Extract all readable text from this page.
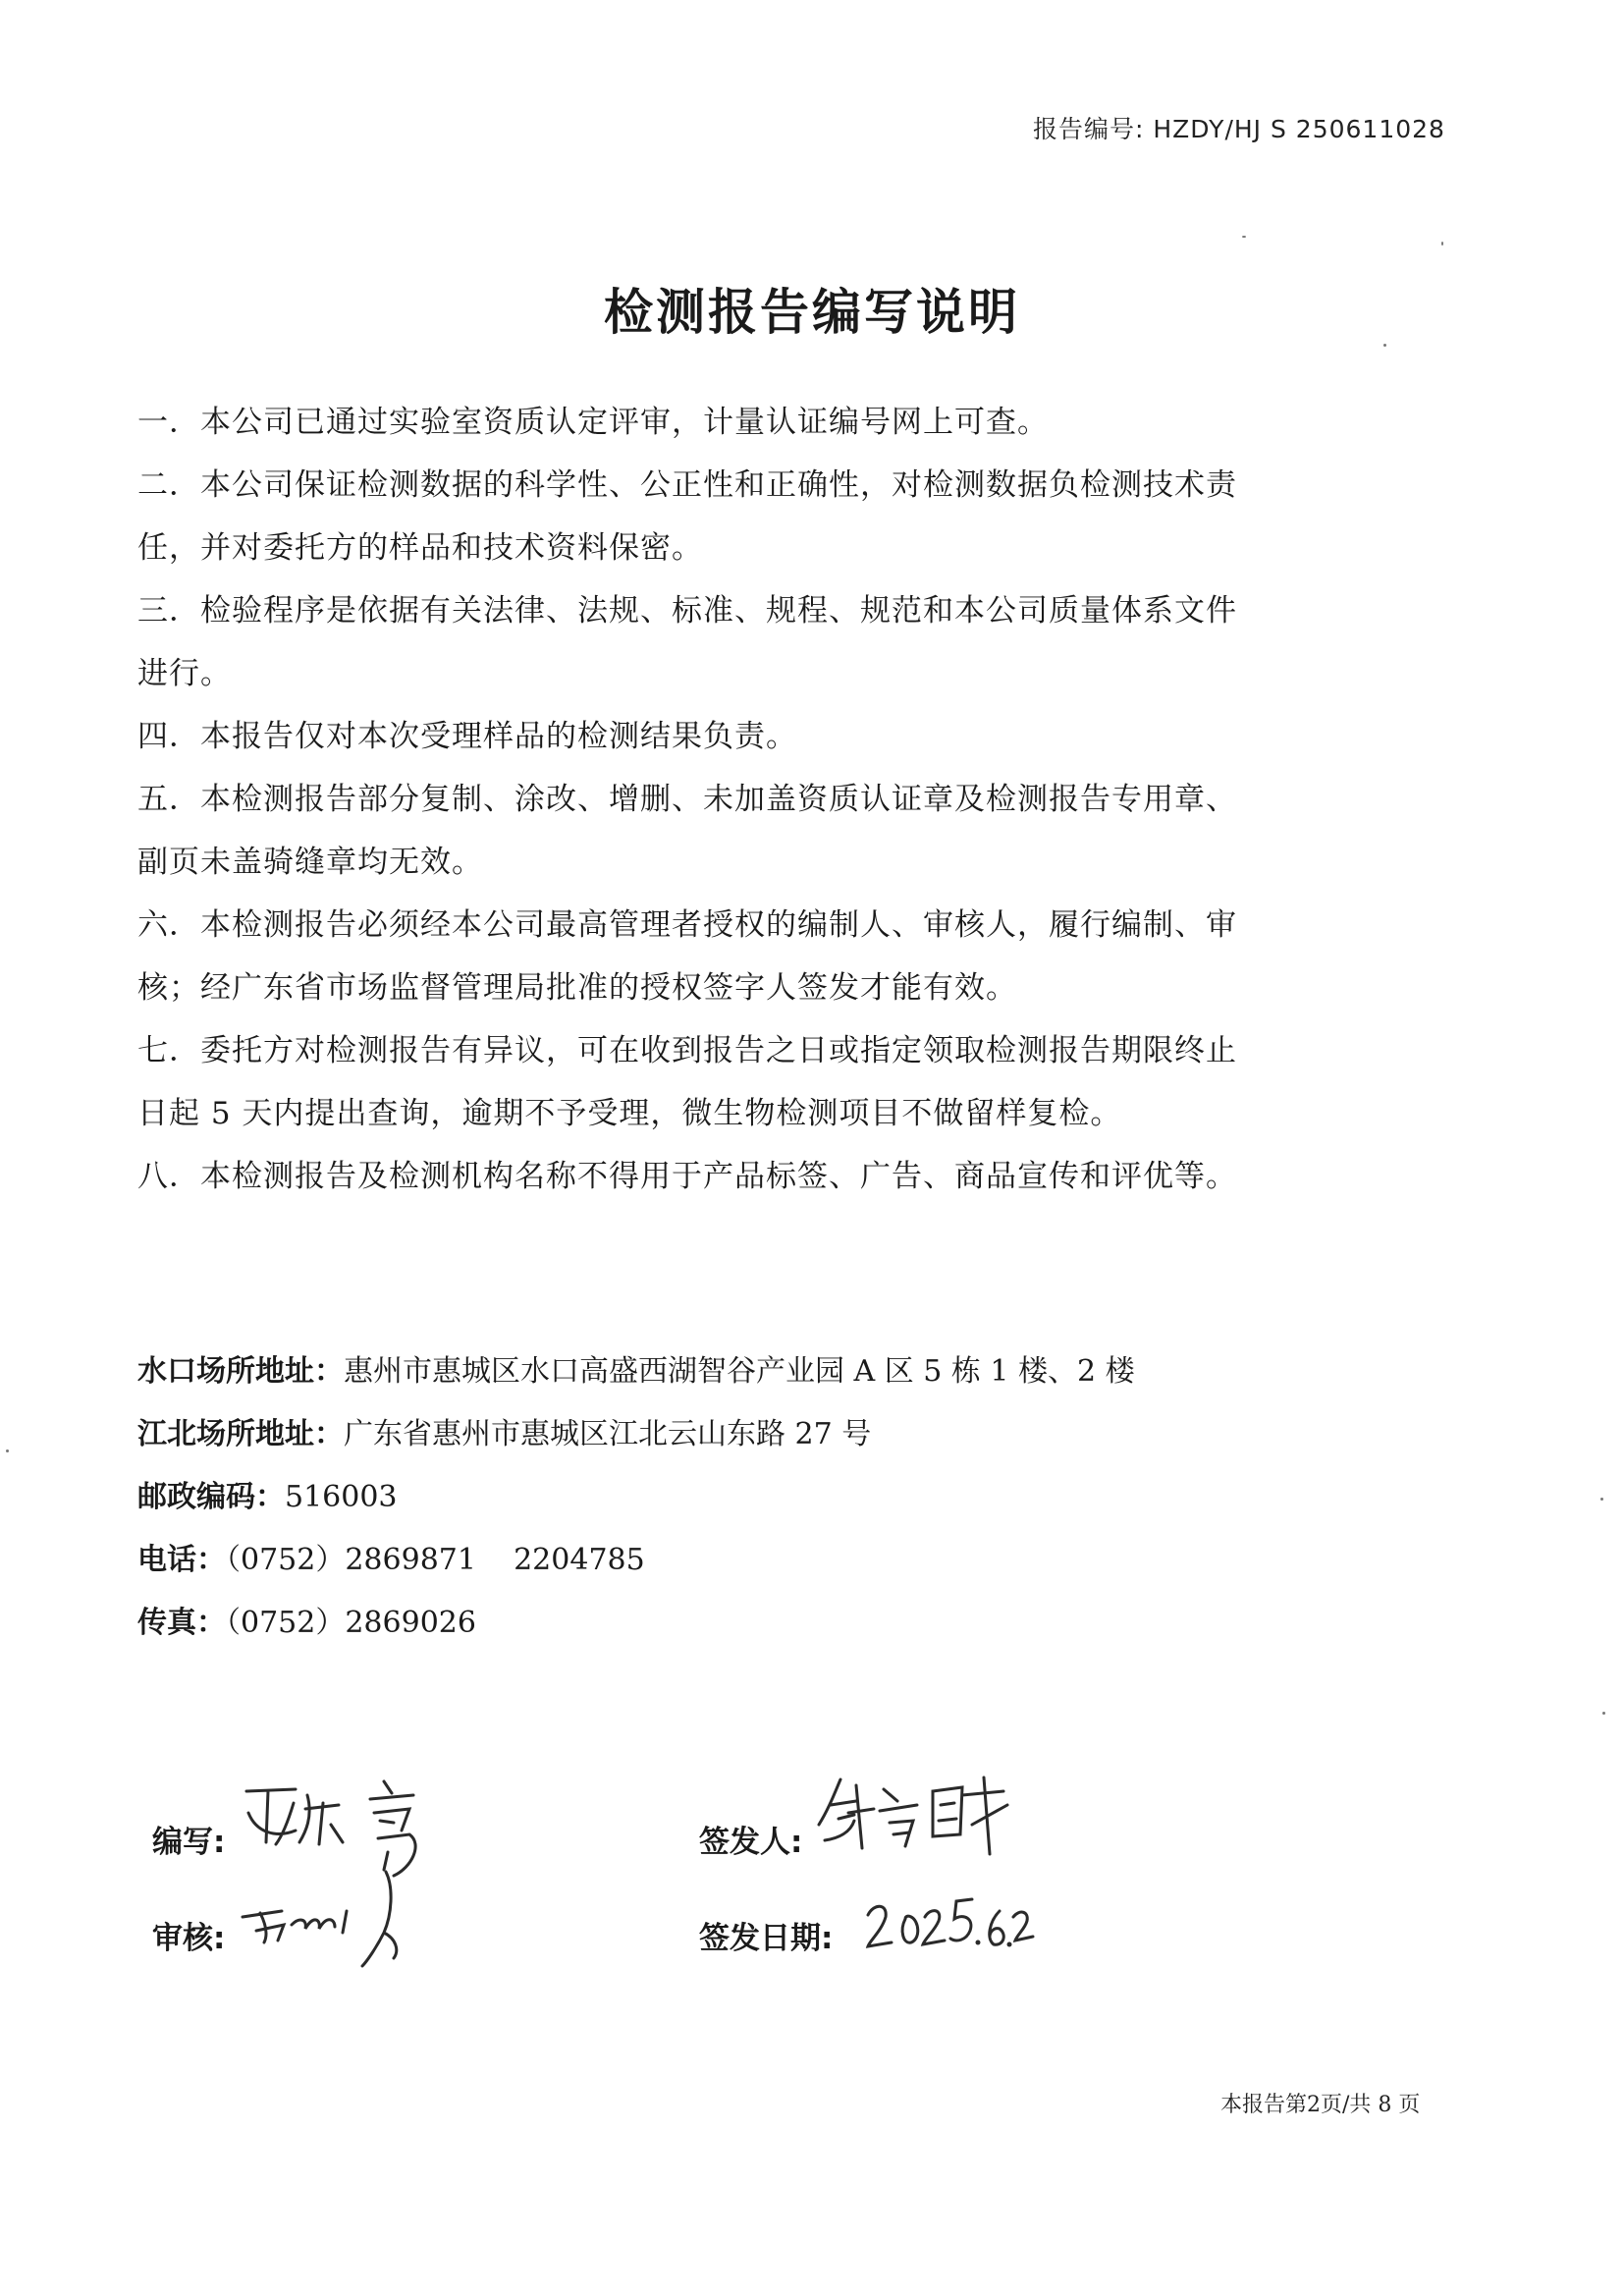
报告编号: HZDY/HJ S 250611028
检测报告编写说明

一．本公司已通过实验室资质认定评审，计量认证编号网上可查。

二．本公司保证检测数据的科学性、公正性和正确性，对检测数据负检测技术责任，并对委托方的样品和技术资料保密。

三．检验程序是依据有关法律、法规、标准、规程、规范和本公司质量体系文件进行。

四．本报告仅对本次受理样品的检测结果负责。

五．本检测报告部分复制、涂改、增删、未加盖资质认证章及检测报告专用章、副页未盖骑缝章均无效。

六．本检测报告必须经本公司最高管理者授权的编制人、审核人，履行编制、审核；经广东省市场监督管理局批准的授权签字人签发才能有效。

七．委托方对检测报告有异议，可在收到报告之日或指定领取检测报告期限终止日起 5 天内提出查询，逾期不予受理，微生物检测项目不做留样复检。

八．本检测报告及检测机构名称不得用于产品标签、广告、商品宣传和评优等。

水口场所地址：惠州市惠城区水口高盛西湖智谷产业园 A 区 5 栋 1 楼、2 楼

江北场所地址：广东省惠州市惠城区江北云山东路 27 号

邮政编码：516003

电话：（0752）2869871    2204785

传真：（0752）2869026

编写:
审核:
签发人:
签发日期:
本报告第2页/共 8 页
